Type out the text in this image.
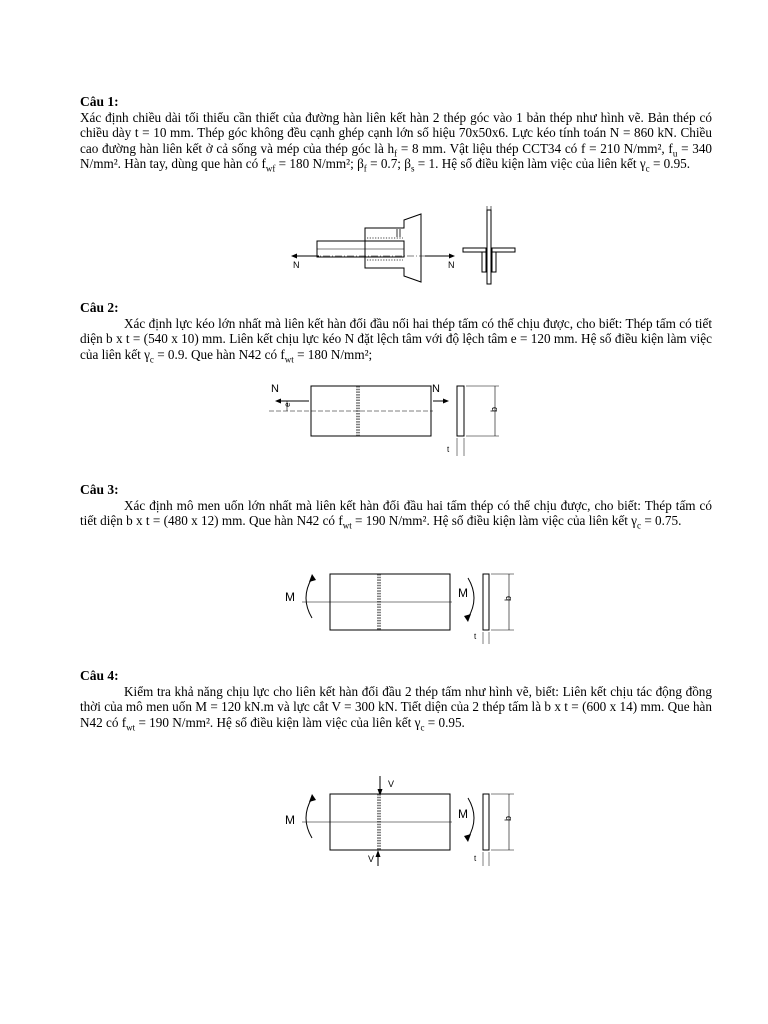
Câu 1:
Xác định chiều dài tối thiểu cần thiết của đường hàn liên kết hàn 2 thép góc vào 1 bản thép như hình vẽ. Bản thép có chiều dày t = 10 mm. Thép góc không đều cạnh ghép cạnh lớn số hiệu 70x50x6. Lực kéo tính toán N = 860 kN. Chiều cao đường hàn liên kết ở cả sống và mép của thép góc là $h_f = 8$ mm. Vật liệu thép CCT34 có f = 210 N/mm², $f_u = 340$ N/mm². Hàn tay, dùng que hàn có $f_{wf} = 180$ N/mm²; $\beta_f = 0.7$; $\beta_s = 1$. Hệ số điều kiện làm việc của liên kết $\gamma_c = 0.95$.
N	N
Câu 2:
Xác định lực kéo lớn nhất mà liên kết hàn đối đầu nối hai thép tấm có thể chịu được, cho biết: Thép tấm có tiết diện b x t = (540 x 10) mm. Liên kết chịu lực kéo N đặt lệch tâm với độ lệch tâm e = 120 mm. Hệ số điều kiện làm việc của liên kết $\gamma_c = 0.9$. Que hàn N42 có $f_{wt} = 180$ N/mm²;
N	N
e
b
t
Câu 3:
Xác định mô men uốn lớn nhất mà liên kết hàn đối đầu hai tấm thép có thể chịu được, cho biết: Thép tấm có tiết diện b x t = (480 x 12) mm. Que hàn N42 có $f_{wt} = 190$ N/mm². Hệ số điều kiện làm việc của liên kết $\gamma_c = 0.75$.
M	M	b
t
Câu 4:
Kiểm tra khả năng chịu lực cho liên kết hàn đối đầu 2 thép tấm như hình vẽ, biết: Liên kết chịu tác động đồng thời của mô men uốn M = 120 kN.m và lực cắt V = 300 kN. Tiết diện của 2 thép tấm là b x t = (600 x 14) mm. Que hàn N42 có $f_{wt} = 190$ N/mm². Hệ số điều kiện làm việc của liên kết $\gamma_c = 0.95$.
V
V
M	M	b
t
